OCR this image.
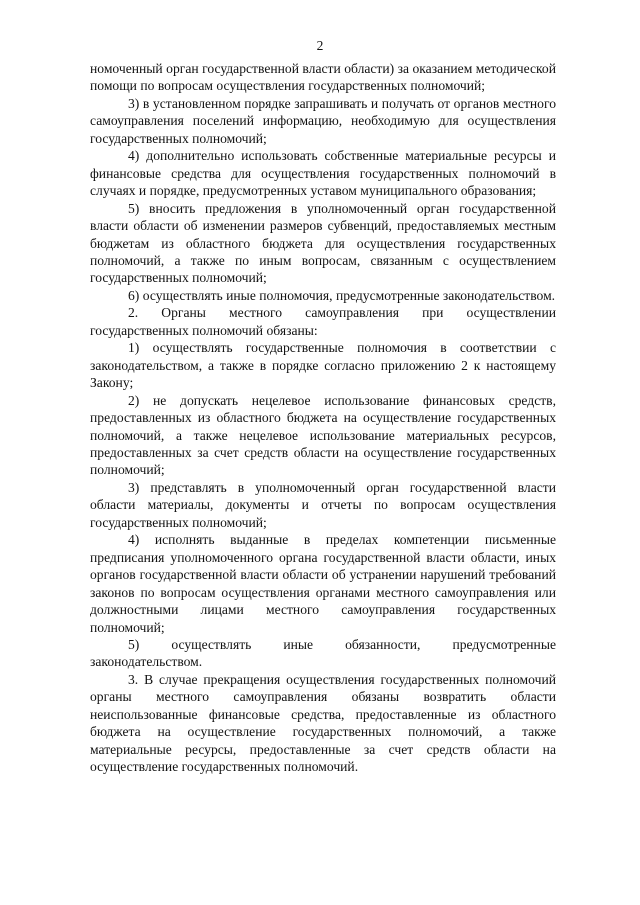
2

номоченный орган государственной власти области) за оказанием методической помощи по вопросам осуществления государственных полномочий;

3) в установленном порядке запрашивать и получать от органов местного самоуправления поселений информацию, необходимую для осуществления государственных полномочий;

4) дополнительно использовать собственные материальные ресурсы и финансовые средства для осуществления государственных полномочий в случаях и порядке, предусмотренных уставом муниципального образования;

5) вносить предложения в уполномоченный орган государственной власти области об изменении размеров субвенций, предоставляемых местным бюджетам из областного бюджета для осуществления государственных полномочий, а также по иным вопросам, связанным с осуществлением государственных полномочий;

6) осуществлять иные полномочия, предусмотренные законодательством.

2. Органы местного самоуправления при осуществлении государственных полномочий обязаны:

1) осуществлять государственные полномочия в соответствии с законодательством, а также в порядке согласно приложению 2 к настоящему Закону;

2) не допускать нецелевое использование финансовых средств, предоставленных из областного бюджета на осуществление государственных полномочий, а также нецелевое использование материальных ресурсов, предоставленных за счет средств области на осуществление государственных полномочий;

3) представлять в уполномоченный орган государственной власти области материалы, документы и отчеты по вопросам осуществления государственных полномочий;

4) исполнять выданные в пределах компетенции письменные предписания уполномоченного органа государственной власти области, иных органов государственной власти области об устранении нарушений требований законов по вопросам осуществления органами местного самоуправления или должностными лицами местного самоуправления государственных полномочий;

5) осуществлять иные обязанности, предусмотренные законодательством.

3. В случае прекращения осуществления государственных полномочий органы местного самоуправления обязаны возвратить области неиспользованные финансовые средства, предоставленные из областного бюджета на осуществление государственных полномочий, а также материальные ресурсы, предоставленные за счет средств области на осуществление государственных полномочий.
